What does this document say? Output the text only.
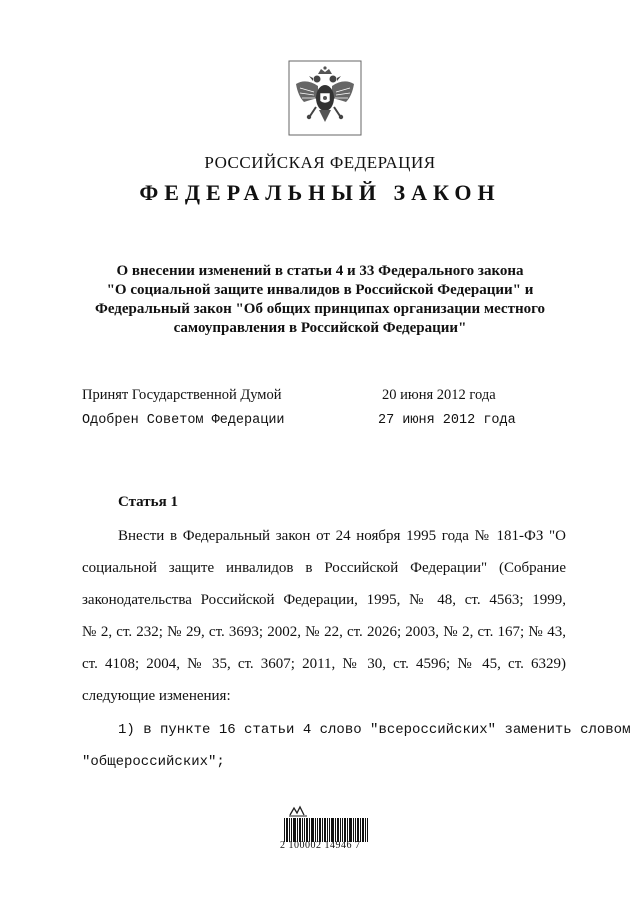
РОССИЙСКАЯ ФЕДЕРАЦИЯ
ФЕДЕРАЛЬНЫЙ ЗАКОН
О внесении изменений в статьи 4 и 33 Федерального закона
"О социальной защите инвалидов в Российской Федерации" и
Федеральный закон "Об общих принципах организации местного
самоуправления в Российской Федерации"
Принят Государственной Думой	20 июня 2012 года
Одобрен Советом Федерации	27 июня 2012 года
Статья 1
Внести в Федеральный закон от 24 ноября 1995 года № 181-ФЗ "О
социальной защите инвалидов в Российской Федерации" (Собрание
законодательства Российской Федерации, 1995, № 48, ст. 4563; 1999,
№ 2, ст. 232; № 29, ст. 3693; 2002, № 22, ст. 2026; 2003, № 2, ст. 167; № 43,
ст. 4108; 2004, № 35, ст. 3607; 2011, № 30, ст. 4596; № 45, ст. 6329)
следующие изменения:
1) в пункте 16 статьи 4 слово "всероссийских" заменить словом
"общероссийских";
2 100002 14946 7
